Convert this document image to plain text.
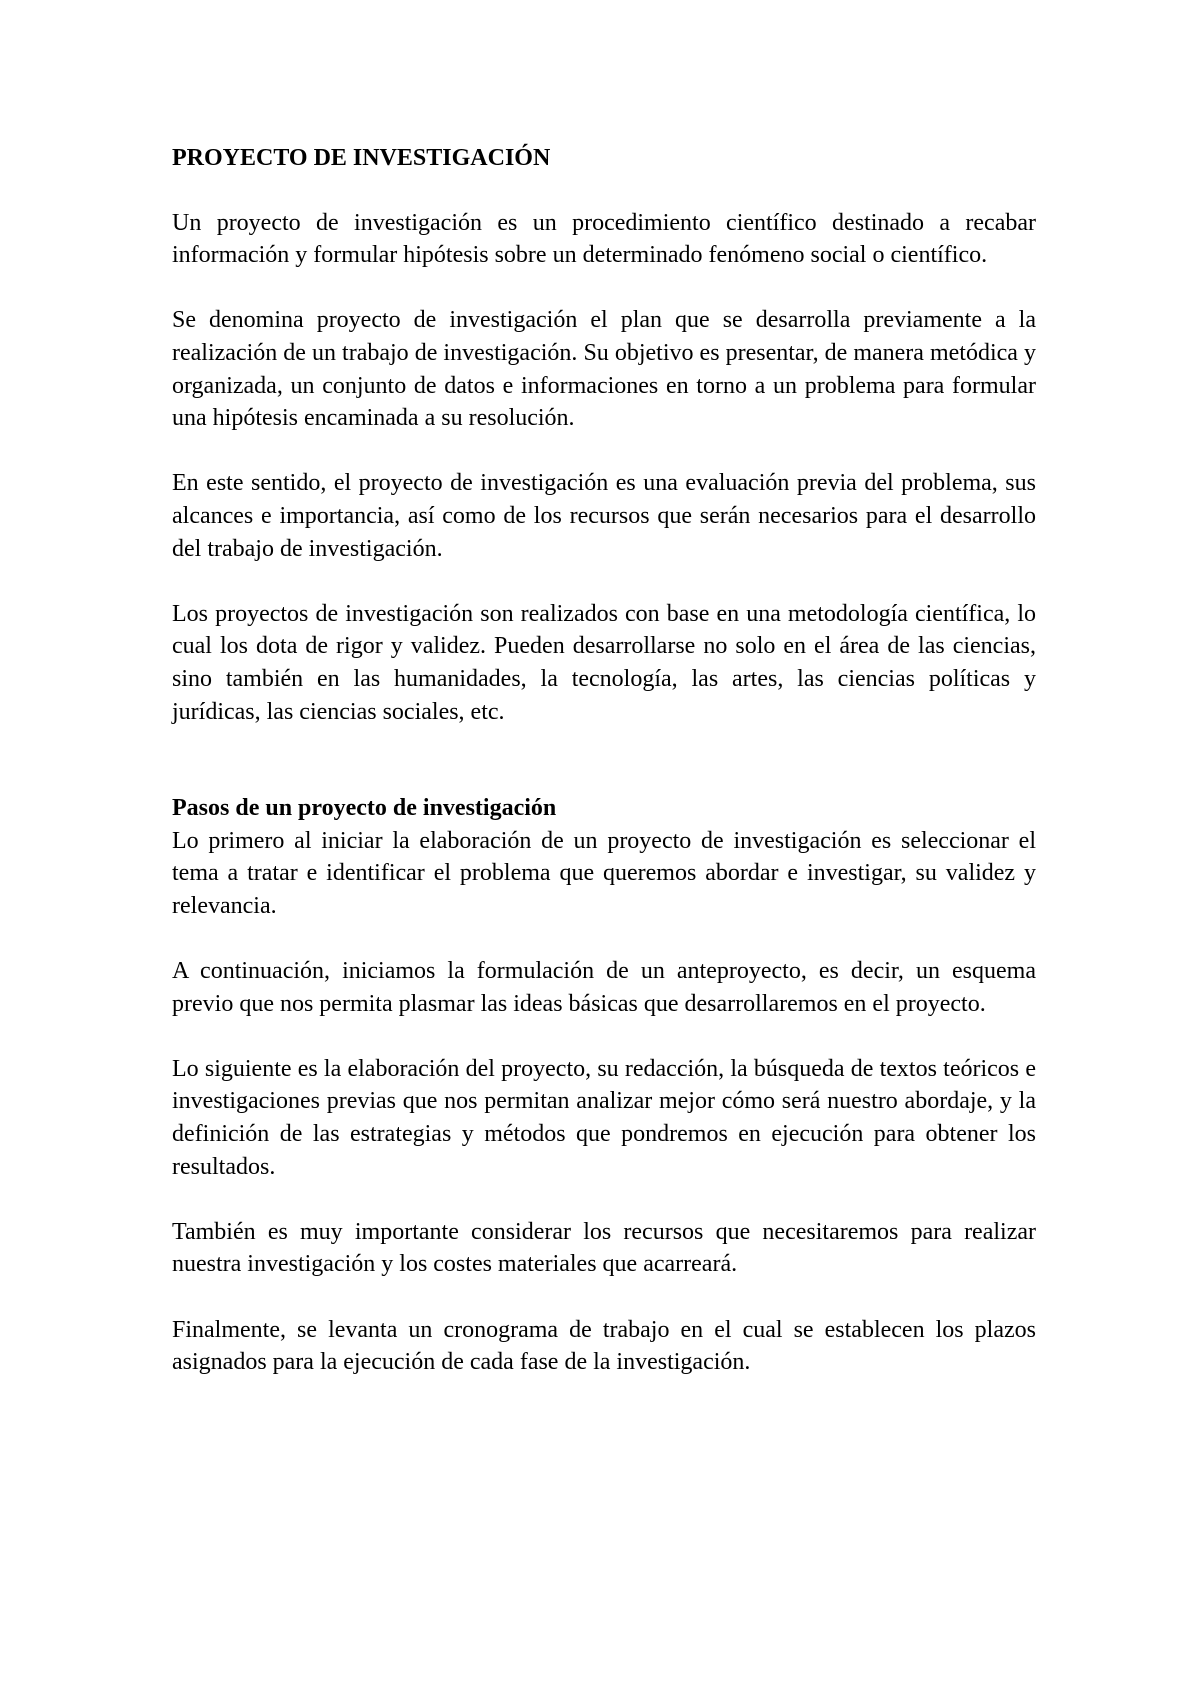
PROYECTO DE INVESTIGACIÓN

Un proyecto de investigación es un procedimiento científico destinado a recabar información y formular hipótesis sobre un determinado fenómeno social o científico.

Se denomina proyecto de investigación el plan que se desarrolla previamente a la realización de un trabajo de investigación. Su objetivo es presentar, de manera metódica y organizada, un conjunto de datos e informaciones en torno a un problema para formular una hipótesis encaminada a su resolución.

En este sentido, el proyecto de investigación es una evaluación previa del problema, sus alcances e importancia, así como de los recursos que serán necesarios para el desarrollo del trabajo de investigación.

Los proyectos de investigación son realizados con base en una metodología científica, lo cual los dota de rigor y validez. Pueden desarrollarse no solo en el área de las ciencias, sino también en las humanidades, la tecnología, las artes, las ciencias políticas y jurídicas, las ciencias sociales, etc.

Pasos de un proyecto de investigación

Lo primero al iniciar la elaboración de un proyecto de investigación es seleccionar el tema a tratar e identificar el problema que queremos abordar e investigar, su validez y relevancia.

A continuación, iniciamos la formulación de un anteproyecto, es decir, un esquema previo que nos permita plasmar las ideas básicas que desarrollaremos en el proyecto.

Lo siguiente es la elaboración del proyecto, su redacción, la búsqueda de textos teóricos e investigaciones previas que nos permitan analizar mejor cómo será nuestro abordaje, y la definición de las estrategias y métodos que pondremos en ejecución para obtener los resultados.

También es muy importante considerar los recursos que necesitaremos para realizar nuestra investigación y los costes materiales que acarreará.

Finalmente, se levanta un cronograma de trabajo en el cual se establecen los plazos asignados para la ejecución de cada fase de la investigación.
